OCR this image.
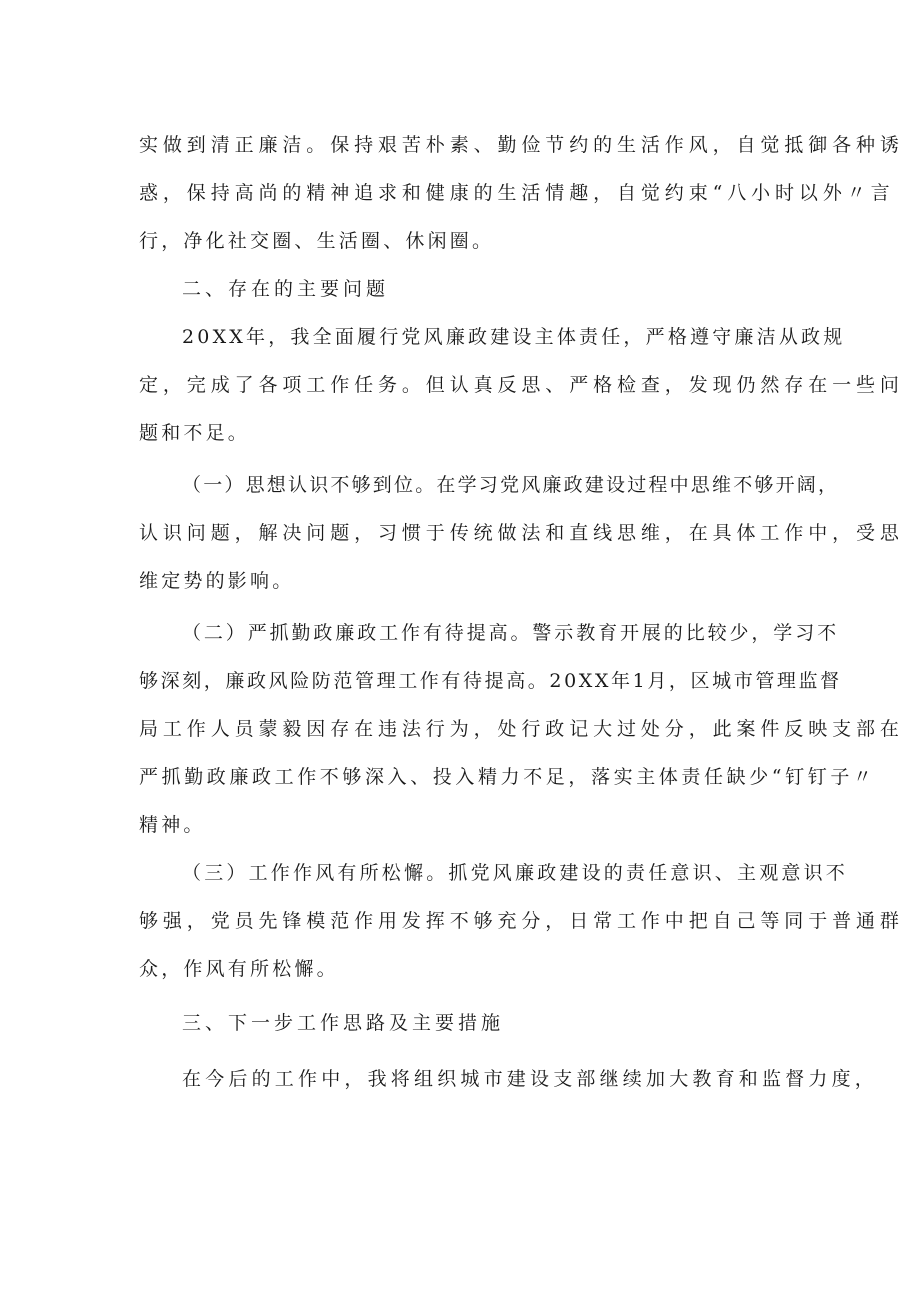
实做到清正廉洁。保持艰苦朴素、勤俭节约的生活作风，自觉抵御各种诱
惑，保持高尚的精神追求和健康的生活情趣，自觉约束“八小时以外〃言
行，净化社交圈、生活圈、休闲圈。
二、存在的主要问题
20XX年，我全面履行党风廉政建设主体责任，严格遵守廉洁从政规
定，完成了各项工作任务。但认真反思、严格检查，发现仍然存在一些问
题和不足。
（一）思想认识不够到位。在学习党风廉政建设过程中思维不够开阔，
认识问题，解决问题，习惯于传统做法和直线思维，在具体工作中，受思
维定势的影响。
（二）严抓勤政廉政工作有待提高。警示教育开展的比较少，学习不
够深刻，廉政风险防范管理工作有待提高。20XX年1月，区城市管理监督
局工作人员蒙毅因存在违法行为，处行政记大过处分，此案件反映支部在
严抓勤政廉政工作不够深入、投入精力不足，落实主体责任缺少“钉钉子〃
精神。
（三）工作作风有所松懈。抓党风廉政建设的责任意识、主观意识不
够强，党员先锋模范作用发挥不够充分，日常工作中把自己等同于普通群
众，作风有所松懈。
三、下一步工作思路及主要措施
在今后的工作中，我将组织城市建设支部继续加大教育和监督力度，
